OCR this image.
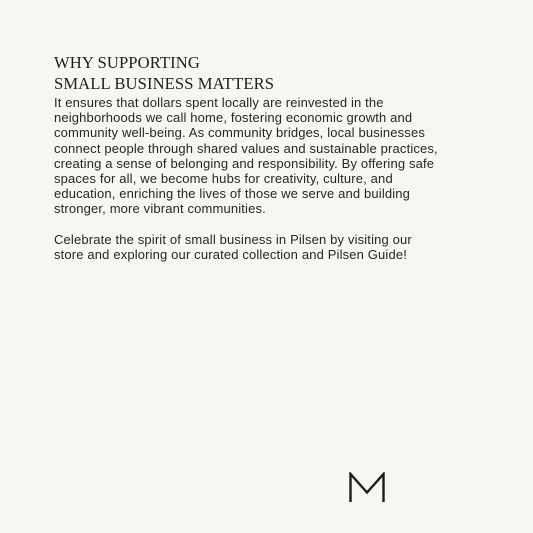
WHY SUPPORTING
SMALL BUSINESS MATTERS

It ensures that dollars spent locally are reinvested in the
neighborhoods we call home, fostering economic growth and
community well-being. As community bridges, local businesses
connect people through shared values and sustainable practices,
creating a sense of belonging and responsibility. By offering safe
spaces for all, we become hubs for creativity, culture, and
education, enriching the lives of those we serve and building
stronger, more vibrant communities.

Celebrate the spirit of small business in Pilsen by visiting our
store and exploring our curated collection and Pilsen Guide!
